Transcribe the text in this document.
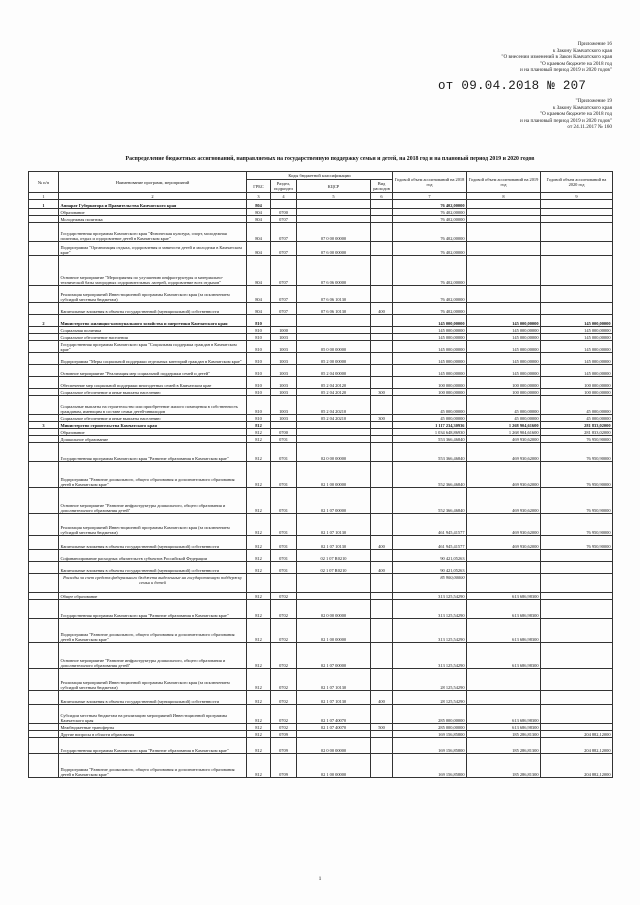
Приложение 16
к Закону Камчатского края
"О внесении изменений в Закон Камчатского края
"О краевом бюджете на 2018 год
и на плановый период 2019 и 2020 годов"
от 09.04.2018 № 207
"Приложение 19
к Закону Камчатского края
"О краевом бюджете на 2018 год
и на плановый период 2019 и 2020 годов"
от 24.11.2017 № 160
Распределение бюджетных ассигнований, направляемых на государственную поддержку семьи и детей, на 2018 год и на плановый период 2019 и 2020 годов
№ п/п	Наименование программ, мероприятий	Коды бюджетной классификации				Годовой объем ассигнований на 2018 год	Годовой объем ассигнований на 2019 год	Годовой объем ассигнований на 2020 год
		ГРБС	Раздел, подраздел	КЦСР	Вид расходов			
1	2	3	4	5	6	7	8	9
1	Аппарат Губернатора и Правительства Камчатского края	804				76 402,00000		
	Образование	804	0700			76 402,00000		
	Молодежная политика	804	0707			76 402,00000		
	Государственная программа Камчатского края "Физическая культура, спорт, молодежная политика, отдых и оздоровление детей в Камчатском крае"	804	0707	07 0 00 00000		76 402,00000		
	Подпрограмма "Организация отдыха, оздоровления и занятости детей и молодежи в Камчатском крае"	804	0707	07 6 00 00000		76 402,00000		
	Основное мероприятие "Мероприятия по улучшению инфраструктуры и материально-технической базы загородных оздоровительных лагерей, оздоровление всех отдыхов"	804	0707	07 6 06 00000		76 402,00000		
	Реализация мероприятий Инвестиционной программы Камчатского края (за исключением субсидий местным бюджетам)	804	0707	07 6 06 10130		76 402,00000		
	Капитальные вложения в объекты государственной (муниципальной) собственности	804	0707	07 6 06 10130	400	76 402,00000		
2	Министерство жилищно-коммунального хозяйства и энергетики Камчатского края	810				145 000,00000	145 000,00000	145 000,00000
	Социальная политика	810	1000			145 000,00000	145 000,00000	145 000,00000
	Социальное обеспечение населения	810	1003			145 000,00000	145 000,00000	145 000,00000
	Государственная программа Камчатского края "Социальная поддержка граждан в Камчатском крае"	810	1003	05 0 00 00000		145 000,00000	145 000,00000	145 000,00000
	Подпрограмма "Меры социальной поддержки отдельных категорий граждан в Камчатском крае"	810	1003	05 2 00 00000		145 000,00000	145 000,00000	145 000,00000
	Основное мероприятие "Реализация мер социальной поддержки семей и детей"	810	1003	05 2 04 00000		145 000,00000	145 000,00000	145 000,00000
	Обеспечение мер социальной поддержки многодетных семей в Камчатском крае	810	1003	05 2 04 20120		100 000,00000	100 000,00000	100 000,00000
	Социальное обеспечение и иные выплаты населению	810	1003	05 2 04 20120	300	100 000,00000	100 000,00000	100 000,00000
	Социальные выплаты на строительство или приобретение жилого помещения в собственность гражданам, имеющим в составе семьи детей-инвалидов	810	1003	05 2 04 20210		45 000,00000	45 000,00000	45 000,00000
	Социальное обеспечение и иные выплаты населению	810	1003	05 2 04 20210	300	45 000,00000	45 000,00000	45 000,00000
3	Министерство строительства Камчатского края	812				1 117 234,30936	1 268 904,61600	281 833,02000
	Образование	812	0700			1 034 648,86930	1 268 904,61600	281 833,02000
	Дошкольное образование	812	0701			553 366,46840	469 930,62000	76 950,90000
	Государственная программа Камчатского края "Развитие образования в Камчатском крае"	812	0701	02 0 00 00000		553 366,46840	469 930,62000	76 950,90000
	Подпрограмма "Развитие дошкольного, общего образования и дополнительного образования детей в Камчатском крае"	812	0701	02 1 00 00000		552 366,46840	469 930,62000	76 950,90000
	Основное мероприятие "Развитие инфраструктуры дошкольного, общего образования и дополнительного образования детей"	812	0701	02 1 07 00000		552 366,46840	469 930,62000	76 950,90000
	Реализация мероприятий Инвестиционной программы Камчатского края (за исключением субсидий местным бюджетам)	812	0701	02 1 07 10130		461 945,41577	469 930,62000	76 950,90000
	Капитальные вложения в объекты государственной (муниципальной) собственности	812	0701	02 1 07 10130	400	461 945,41577	469 930,62000	76 950,90000
	Софинансирование расходных обязательств субъектов Российской Федерации	812	0701	02 1 07 R0210		90 421,05263		
	Капитальные вложения в объекты государственной (муниципальной) собственности	812	0701	02 1 07 R0210	400	90 421,05263		
	Расходы за счет средств федерального бюджета выделенные на государственную поддержку семьи и детей					85 900,00000		
	Общее образование	812	0702			313 125,54290	613 686,98300	
	Государственная программа Камчатского края "Развитие образования в Камчатском крае"	812	0702	02 0 00 00000		313 125,54290	613 686,98300	
	Подпрограмма "Развитие дошкольного, общего образования и дополнительного образования детей в Камчатском крае"	812	0702	02 1 00 00000		313 125,54290	613 686,98300	
	Основное мероприятие "Развитие инфраструктуры дошкольного, общего образования и дополнительного образования детей"	812	0702	02 1 07 00000		313 125,54290	613 686,98300	
	Реализация мероприятий Инвестиционной программы Камчатского края (за исключением субсидий местным бюджетам)	812	0702	02 1 07 10130		28 125,54290		
	Капитальные вложения в объекты государственной (муниципальной) собственности	812	0702	02 1 07 10130	400	28 125,54290		
	Субсидии местным бюджетам на реализацию мероприятий Инвестиционной программы Камчатского края	812	0702	02 1 07 40070		285 000,00000	613 686,98300	
	Межбюджетные трансферты	812	0702	02 1 07 40070	500	285 000,00000	613 686,98300	
	Другие вопросы в области образования	812	0709			169 156,85800	185 286,81300	204 882,12000
	Государственная программа Камчатского края "Развитие образования в Камчатском крае"	812	0709	02 0 00 00000		169 156,85800	185 286,81300	204 882,12000
	Подпрограмма "Развитие дошкольного, общего образования и дополнительного образования детей в Камчатском крае"	812	0709	02 1 00 00000		169 156,85800	185 286,81300	204 882,12000
1
